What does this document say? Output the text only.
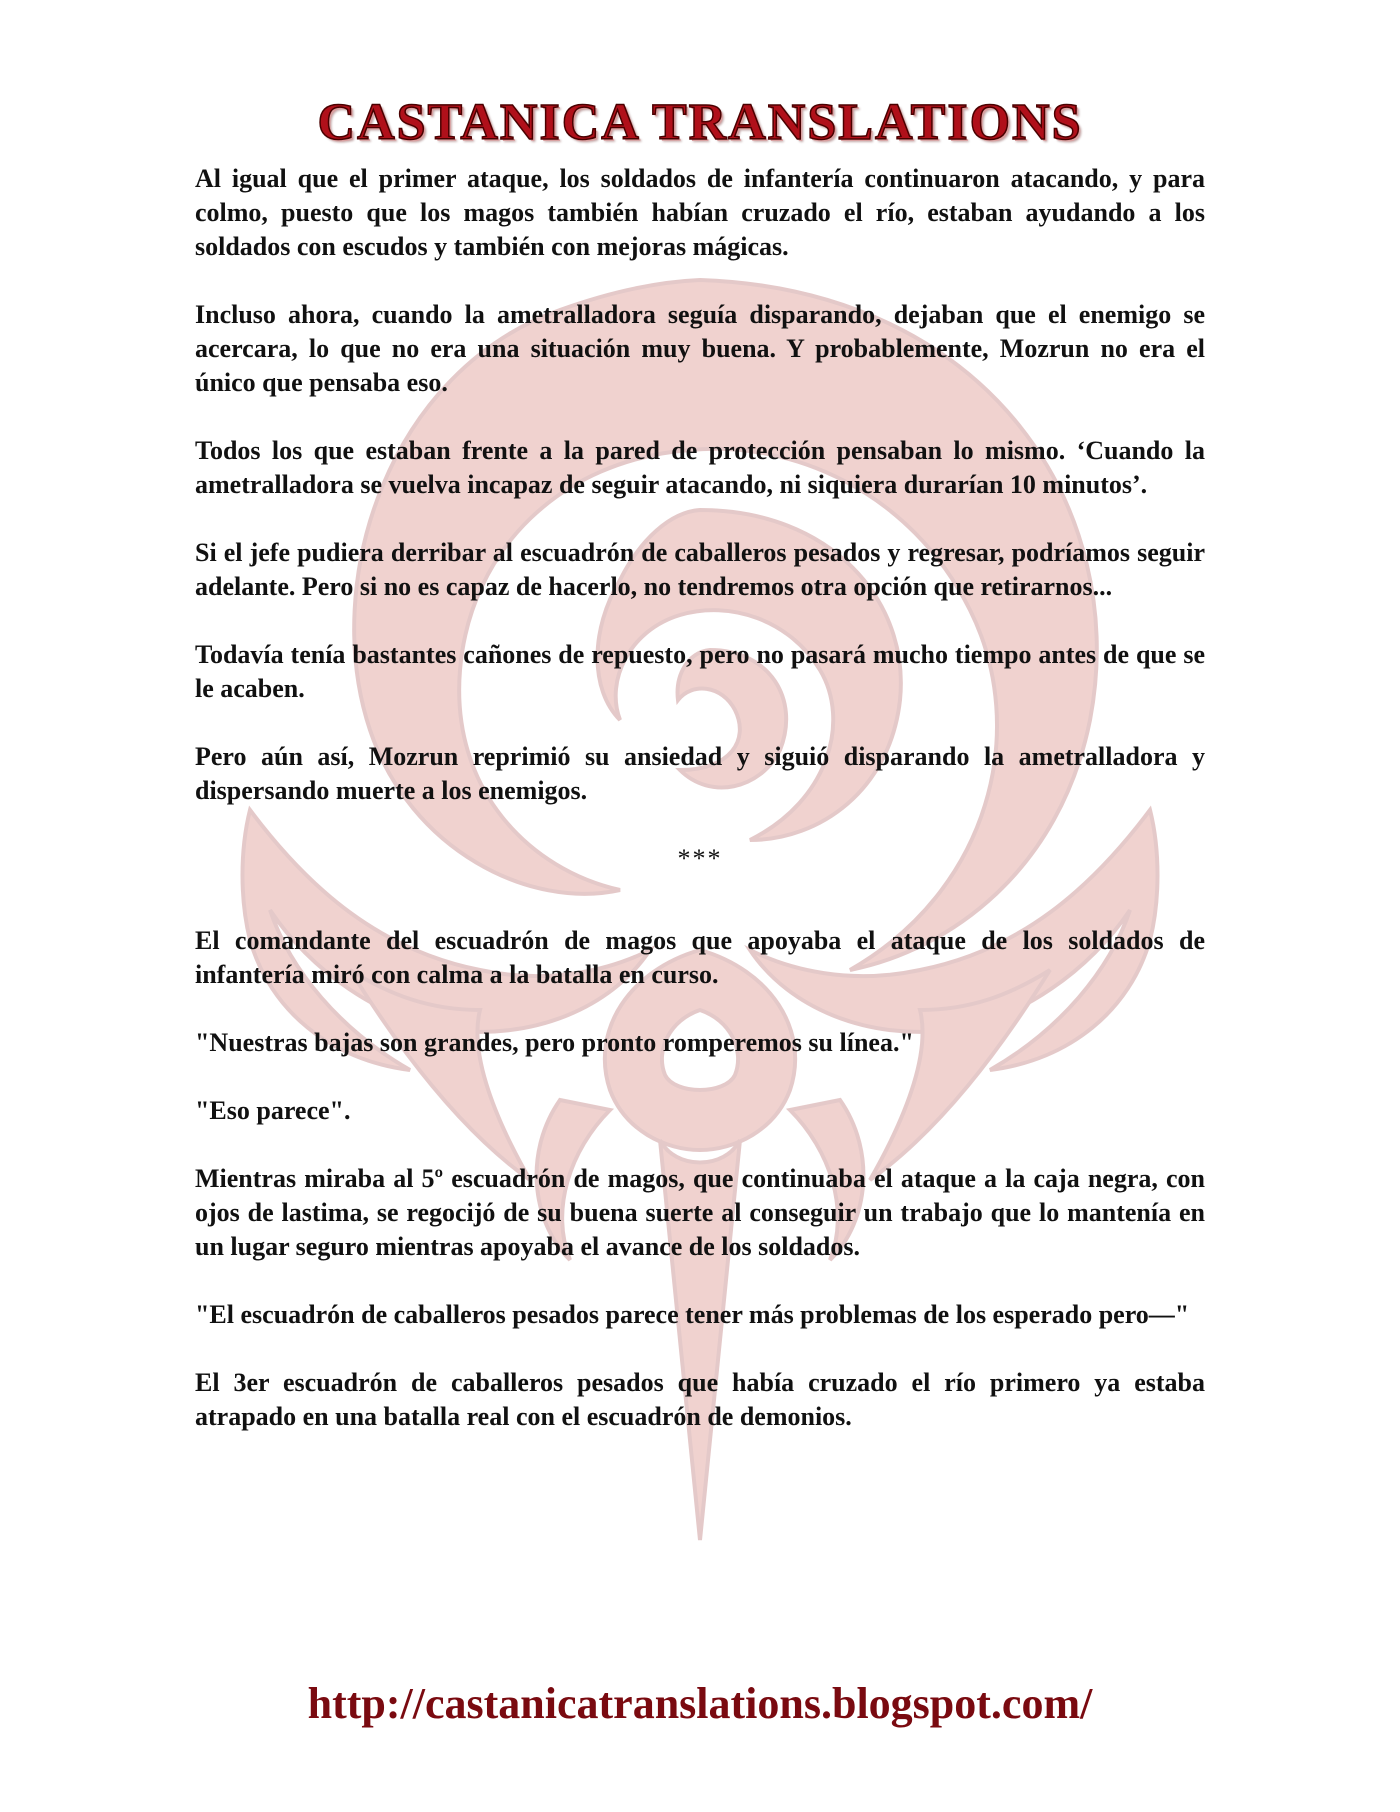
CASTANICA TRANSLATIONS

Al igual que el primer ataque, los soldados de infantería continuaron atacando, y para colmo, puesto que los magos también habían cruzado el río, estaban ayudando a los soldados con escudos y también con mejoras mágicas.

Incluso ahora, cuando la ametralladora seguía disparando, dejaban que el enemigo se acercara, lo que no era una situación muy buena. Y probablemente, Mozrun no era el único que pensaba eso.

Todos los que estaban frente a la pared de protección pensaban lo mismo. ‘Cuando la ametralladora se vuelva incapaz de seguir atacando, ni siquiera durarían 10 minutos’.

Si el jefe pudiera derribar al escuadrón de caballeros pesados y regresar, podríamos seguir adelante. Pero si no es capaz de hacerlo, no tendremos otra opción que retirarnos...

Todavía tenía bastantes cañones de repuesto, pero no pasará mucho tiempo antes de que se le acaben.

Pero aún así, Mozrun reprimió su ansiedad y siguió disparando la ametralladora y dispersando muerte a los enemigos.

***

El comandante del escuadrón de magos que apoyaba el ataque de los soldados de infantería miró con calma a la batalla en curso.

"Nuestras bajas son grandes, pero pronto romperemos su línea."

"Eso parece".

Mientras miraba al 5º escuadrón de magos, que continuaba el ataque a la caja negra, con ojos de lastima, se regocijó de su buena suerte al conseguir un trabajo que lo mantenía en un lugar seguro mientras apoyaba el avance de los soldados.

"El escuadrón de caballeros pesados parece tener más problemas de los esperado pero—"

El 3er escuadrón de caballeros pesados que había cruzado el río primero ya estaba atrapado en una batalla real con el escuadrón de demonios.

http://castanicatranslations.blogspot.com/
